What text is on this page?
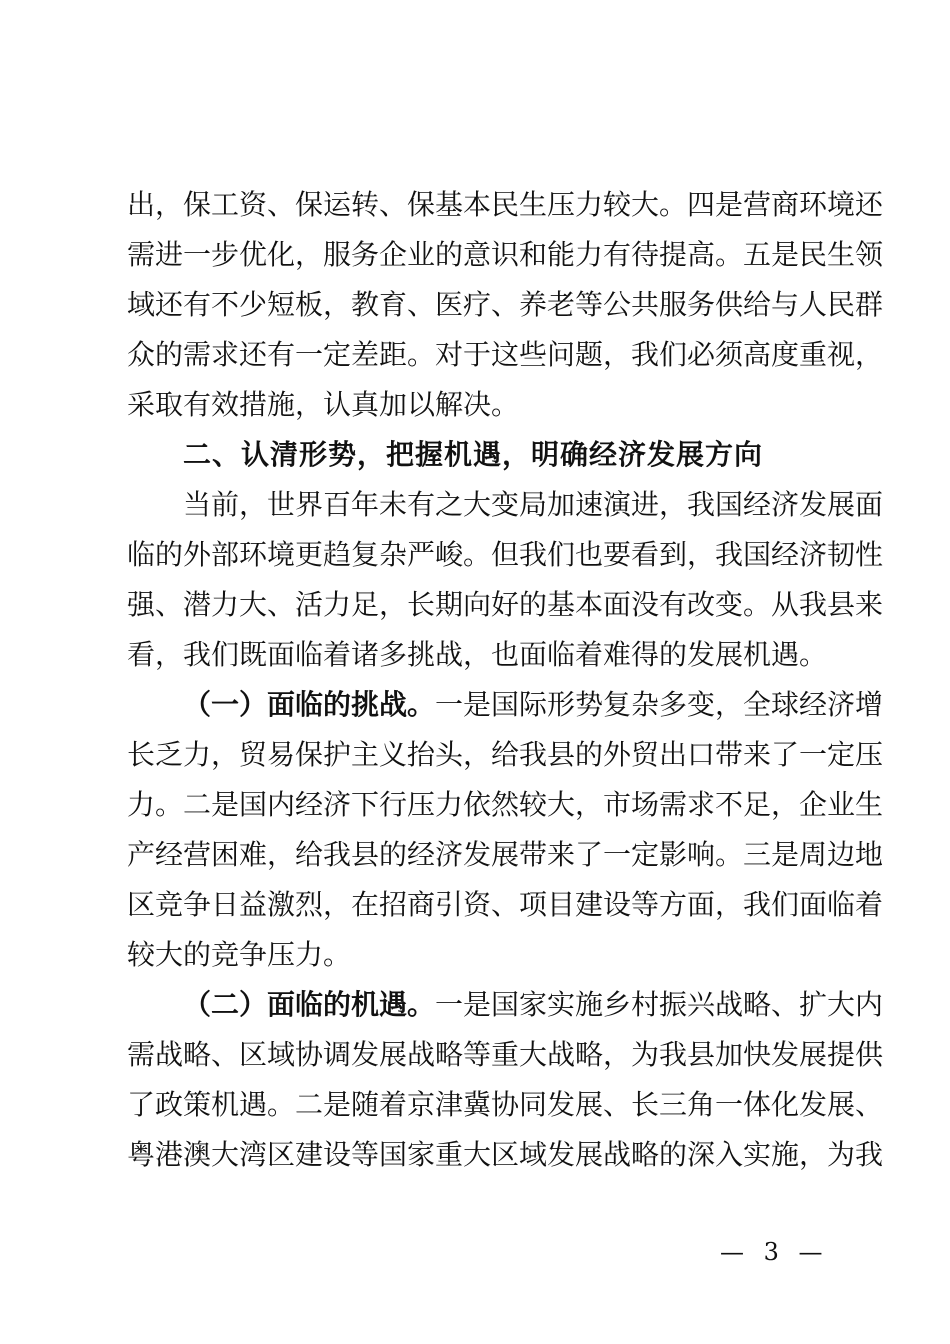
出，保工资、保运转、保基本民生压力较大。四是营商环境还
需进一步优化，服务企业的意识和能力有待提高。五是民生领
域还有不少短板，教育、医疗、养老等公共服务供给与人民群
众的需求还有一定差距。对于这些问题，我们必须高度重视，
采取有效措施，认真加以解决。
二、认清形势，把握机遇，明确经济发展方向
当前，世界百年未有之大变局加速演进，我国经济发展面
临的外部环境更趋复杂严峻。但我们也要看到，我国经济韧性
强、潜力大、活力足，长期向好的基本面没有改变。从我县来
看，我们既面临着诸多挑战，也面临着难得的发展机遇。
（一）面临的挑战。一是国际形势复杂多变，全球经济增
长乏力，贸易保护主义抬头，给我县的外贸出口带来了一定压
力。二是国内经济下行压力依然较大，市场需求不足，企业生
产经营困难，给我县的经济发展带来了一定影响。三是周边地
区竞争日益激烈，在招商引资、项目建设等方面，我们面临着
较大的竞争压力。
（二）面临的机遇。一是国家实施乡村振兴战略、扩大内
需战略、区域协调发展战略等重大战略，为我县加快发展提供
了政策机遇。二是随着京津冀协同发展、长三角一体化发展、
粤港澳大湾区建设等国家重大区域发展战略的深入实施，为我
— 3 —
